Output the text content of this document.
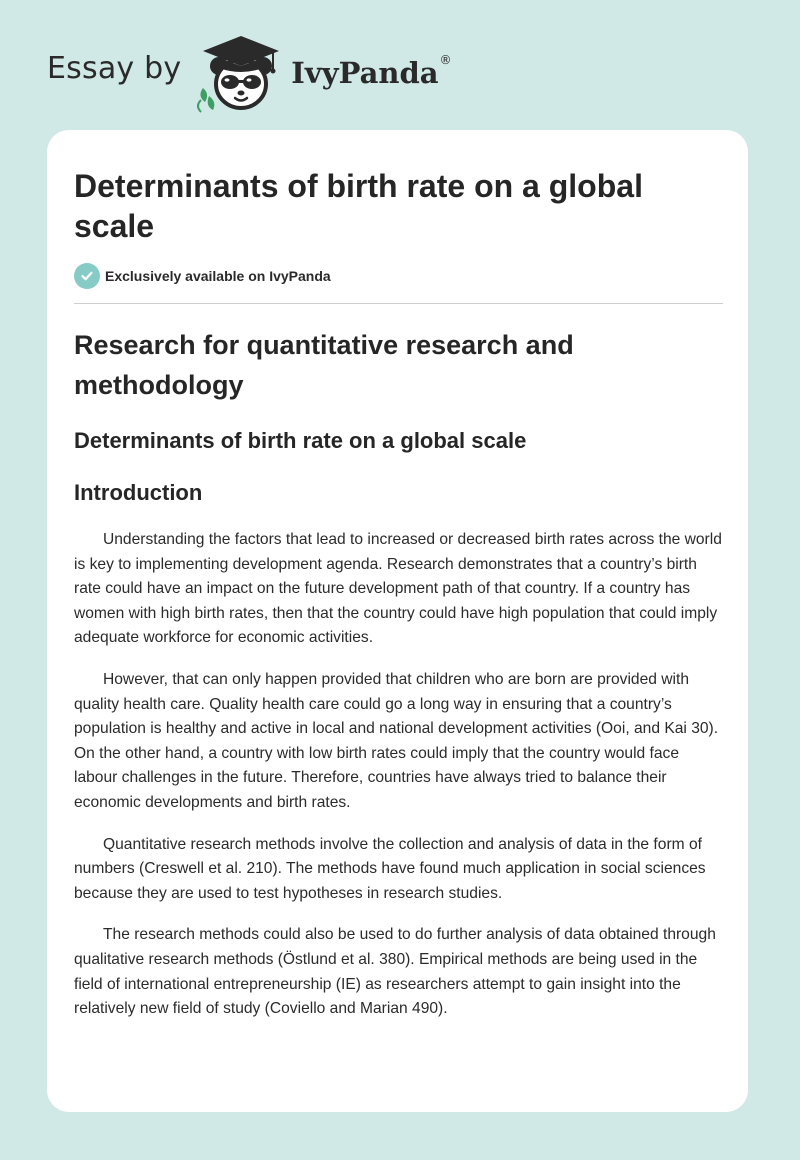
Essay by	IvyPanda ®
Determinants of birth rate on a global scale
Exclusively available on IvyPanda
Research for quantitative research and methodology
Determinants of birth rate on a global scale
Introduction

Understanding the factors that lead to increased or decreased birth rates across the world is key to implementing development agenda. Research demonstrates that a country’s birth rate could have an impact on the future development path of that country. If a country has women with high birth rates, then that the country could have high population that could imply adequate workforce for economic activities.

However, that can only happen provided that children who are born are provided with quality health care. Quality health care could go a long way in ensuring that a country’s population is healthy and active in local and national development activities (Ooi, and Kai 30). On the other hand, a country with low birth rates could imply that the country would face labour challenges in the future. Therefore, countries have always tried to balance their economic developments and birth rates.

Quantitative research methods involve the collection and analysis of data in the form of numbers (Creswell et al. 210). The methods have found much application in social sciences because they are used to test hypotheses in research studies.

The research methods could also be used to do further analysis of data obtained through qualitative research methods (Östlund et al. 380). Empirical methods are being used in the field of international entrepreneurship (IE) as researchers attempt to gain insight into the relatively new field of study (Coviello and Marian 490).
